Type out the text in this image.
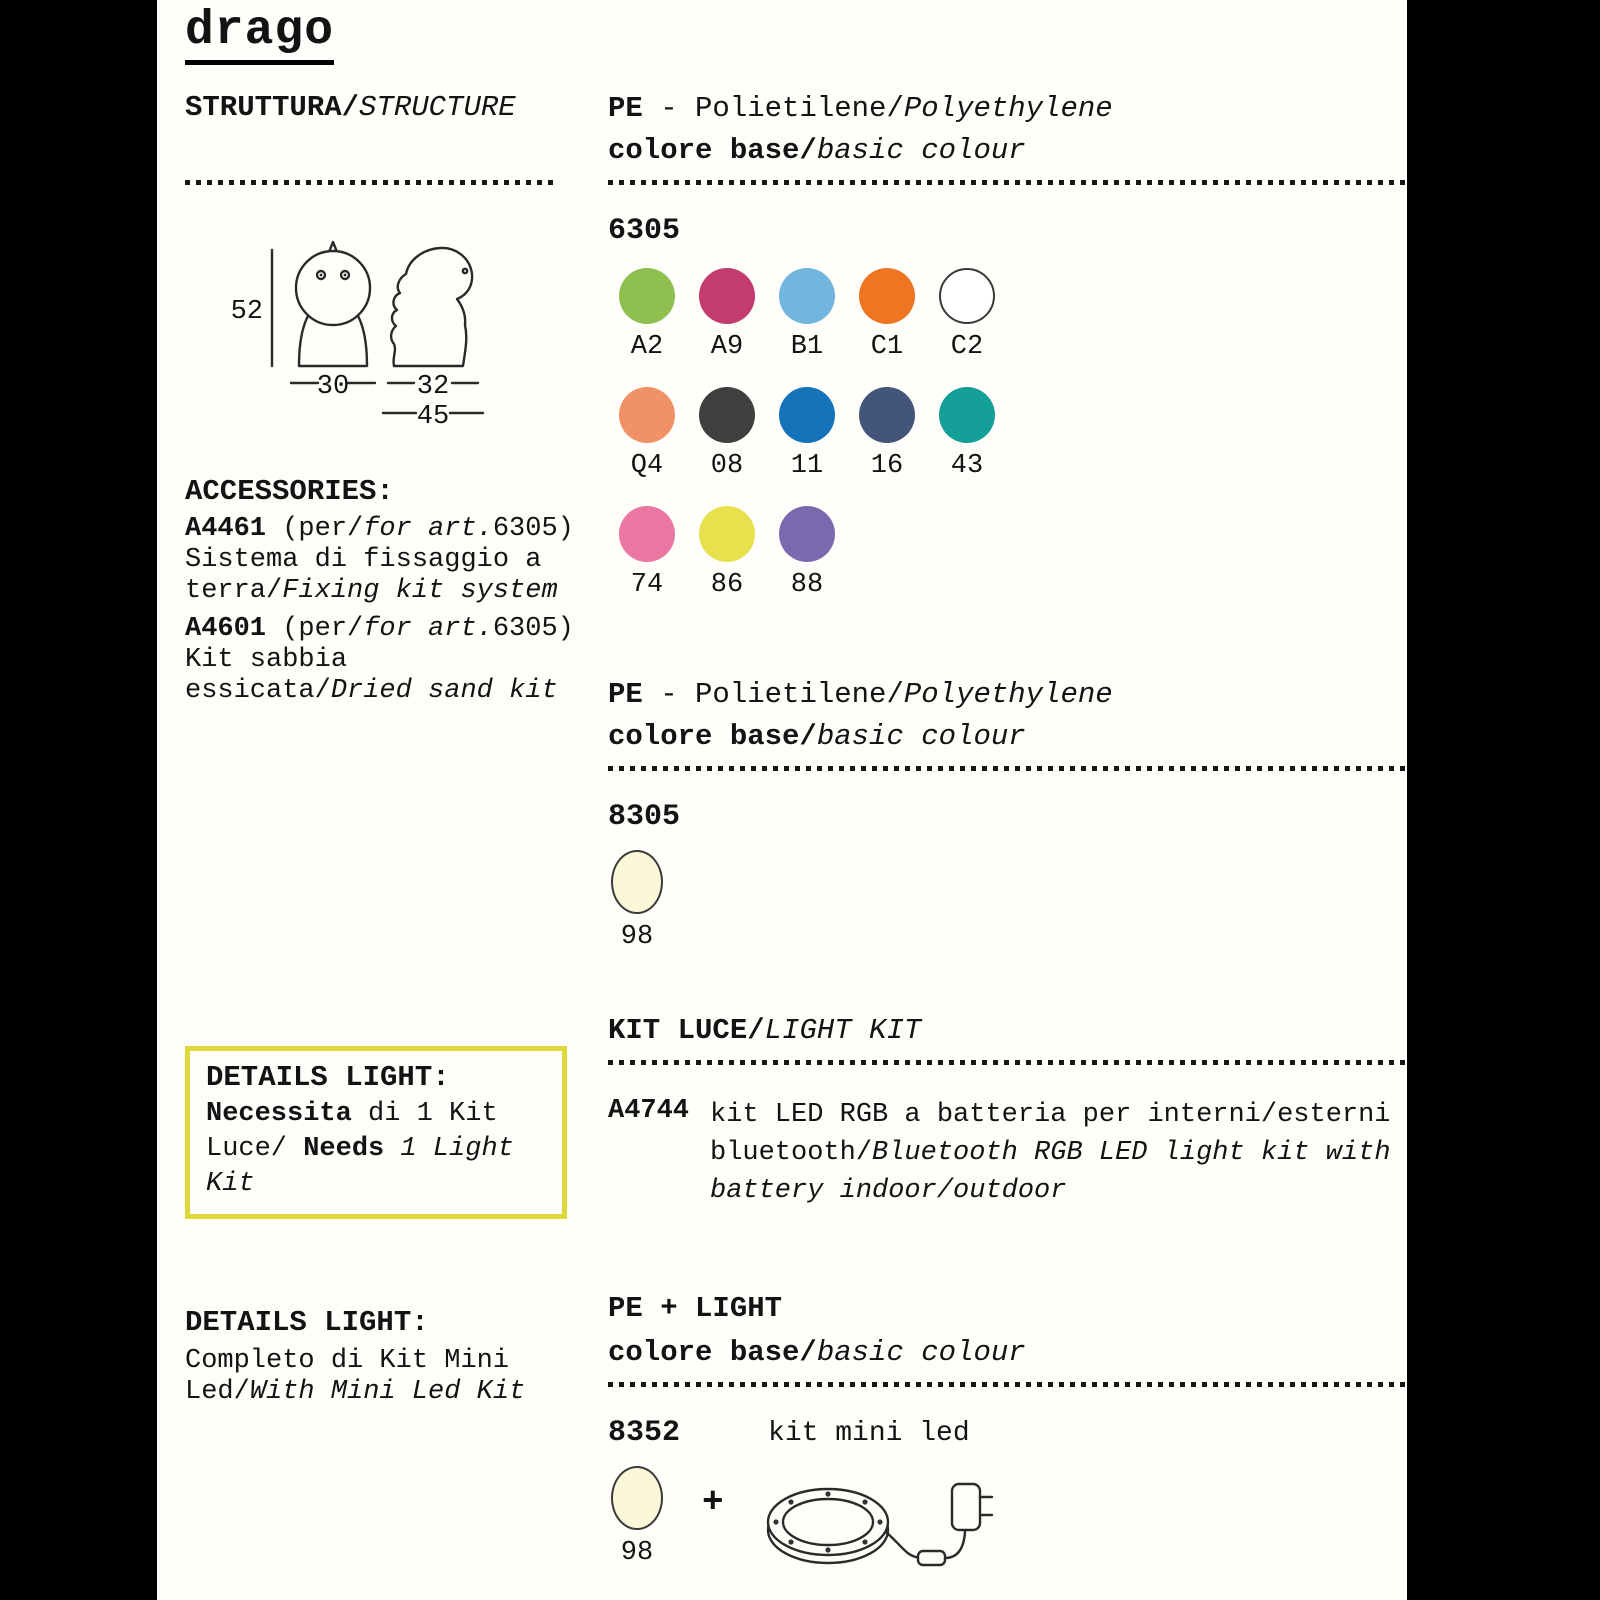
drago
STRUTTURA/STRUCTURE
52
30	32
45
ACCESSORIES:

A4461 (per/for art.6305) Sistema di fissaggio a terra/Fixing kit system

A4601 (per/for art.6305) Kit sabbia essicata/Dried sand kit

DETAILS LIGHT:
Necessita di 1 Kit Luce/ Needs 1 Light Kit
DETAILS LIGHT:
Completo di Kit Mini Led/With Mini Led Kit
PE - Polietilene/Polyethylene
colore base/basic colour
6305
A2 A9 B1 C1 C2
Q4 08 11 16 43
74 86 88
PE - Polietilene/Polyethylene
colore base/basic colour
8305
98
KIT LUCE/LIGHT KIT
A4744 kit LED RGB a batteria per interni/esterni bluetooth/Bluetooth RGB LED light kit with battery indoor/outdoor
PE + LIGHT
colore base/basic colour
8352	kit mini led
98
+
